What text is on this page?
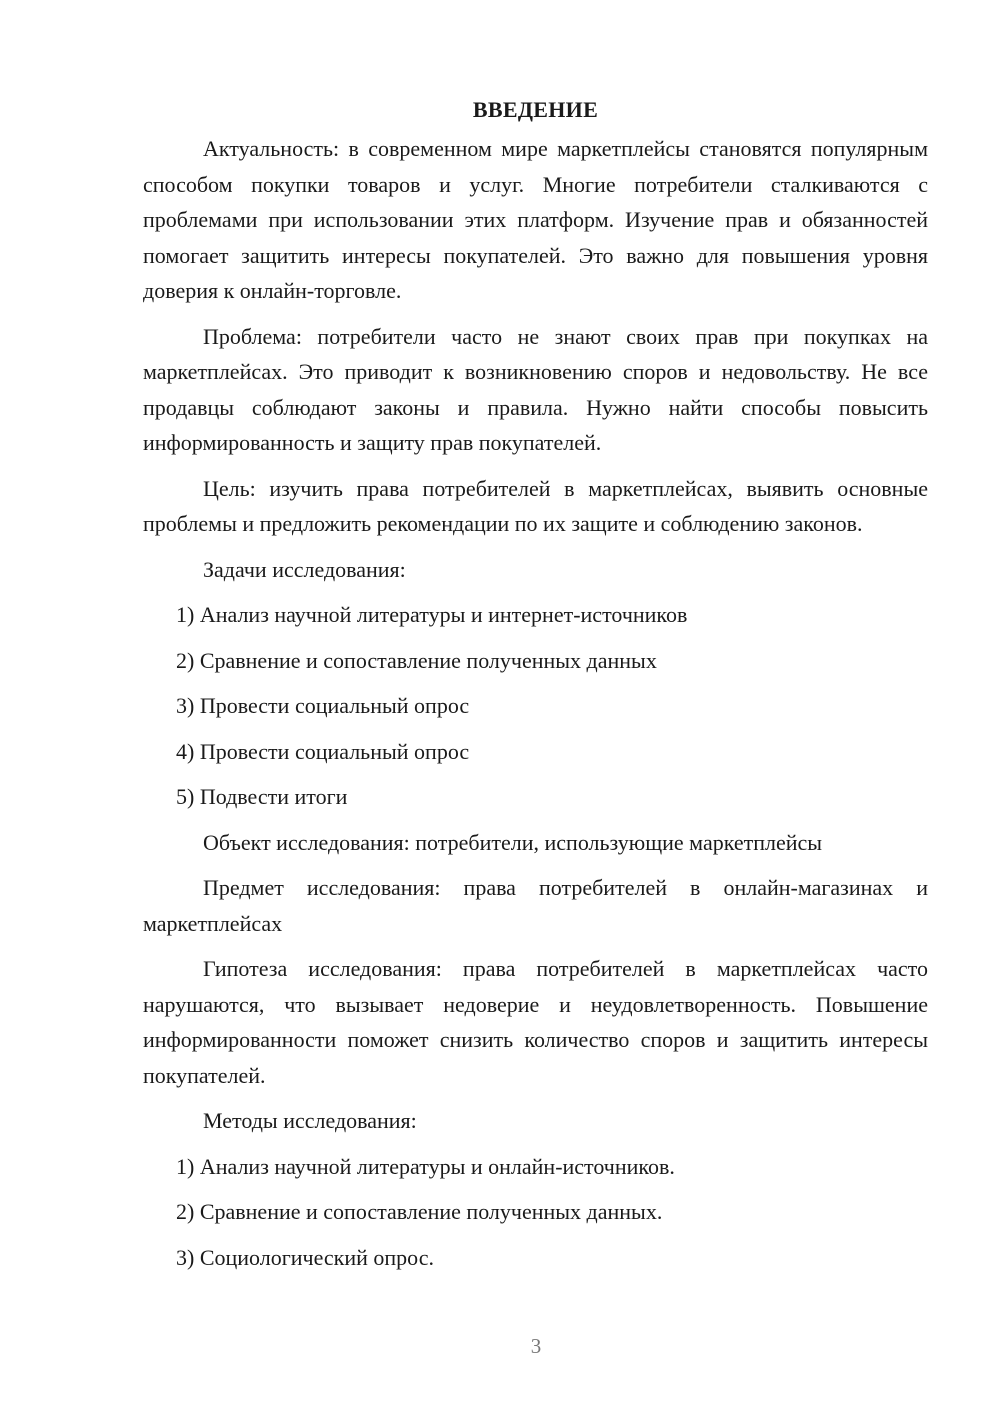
ВВЕДЕНИЕ

Актуальность: в современном мире маркетплейсы становятся популярным способом покупки товаров и услуг. Многие потребители сталкиваются с проблемами при использовании этих платформ. Изучение прав и обязанностей помогает защитить интересы покупателей. Это важно для повышения уровня доверия к онлайн-торговле.

Проблема: потребители часто не знают своих прав при покупках на маркетплейсах. Это приводит к возникновению споров и недовольству. Не все продавцы соблюдают законы и правила. Нужно найти способы повысить информированность и защиту прав покупателей.

Цель: изучить права потребителей в маркетплейсах, выявить основные проблемы и предложить рекомендации по их защите и соблюдению законов.

Задачи исследования:
1) Анализ научной литературы и интернет-источников
2) Сравнение и сопоставление полученных данных
3) Провести социальный опрос
4) Провести социальный опрос
5) Подвести итоги
Объект исследования: потребители, использующие маркетплейсы

Предмет исследования: права потребителей в онлайн-магазинах и маркетплейсах

Гипотеза исследования: права потребителей в маркетплейсах часто нарушаются, что вызывает недоверие и неудовлетворенность. Повышение информированности поможет снизить количество споров и защитить интересы покупателей.

Методы исследования:
1) Анализ научной литературы и онлайн-источников.
2) Сравнение и сопоставление полученных данных.
3) Социологический опрос.
3
